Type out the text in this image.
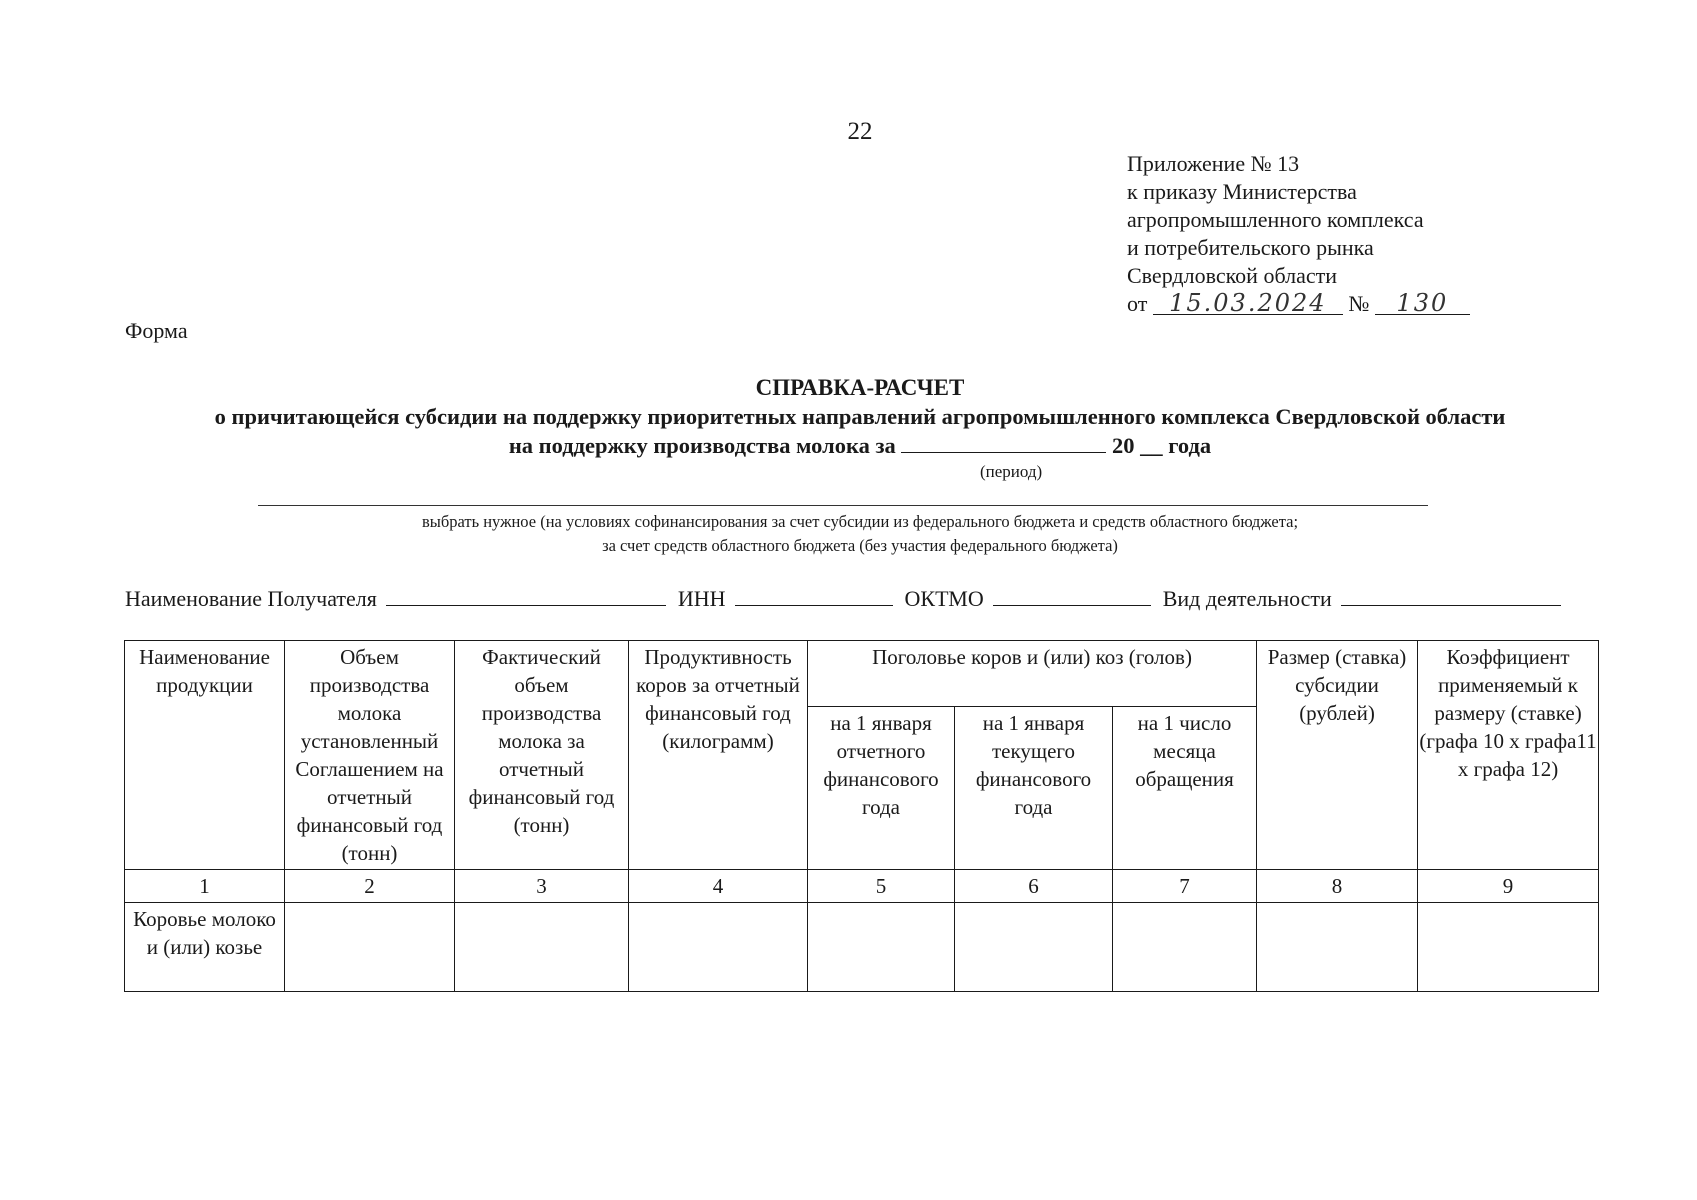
22
Приложение № 13
к приказу Министерства
агропромышленного комплекса
и потребительского рынка
Свердловской области
от 15.03.2024 № 130
Форма
СПРАВКА-РАСЧЕТ
о причитающейся субсидии на поддержку приоритетных направлений агропромышленного комплекса Свердловской области
на поддержку производства молока за	20 __ года
(период)
выбрать нужное (на условиях софинансирования за счет субсидии из федерального бюджета и средств областного бюджета;
за счет средств областного бюджета (без участия федерального бюджета)
Наименование Получателя	ИНН	ОКТМО	Вид деятельности
Наименование продукции	Объем производства молока установленный Соглашением на отчетный финансовый год (тонн)	Фактический объем производства молока за отчетный финансовый год (тонн)	Продуктивность коров за отчетный финансовый год (килограмм)	Поголовье коров и (или) коз (голов)			Размер (ставка) субсидии (рублей)	Коэффициент применяемый к размеру (ставке) (графа 10 х графа11 х графа 12)
				на 1 января отчетного финансового года	на 1 января текущего финансового года	на 1 число месяца обращения		
1	2	3	4	5	6	7	8	9
Коровье молоко и (или) козье								
